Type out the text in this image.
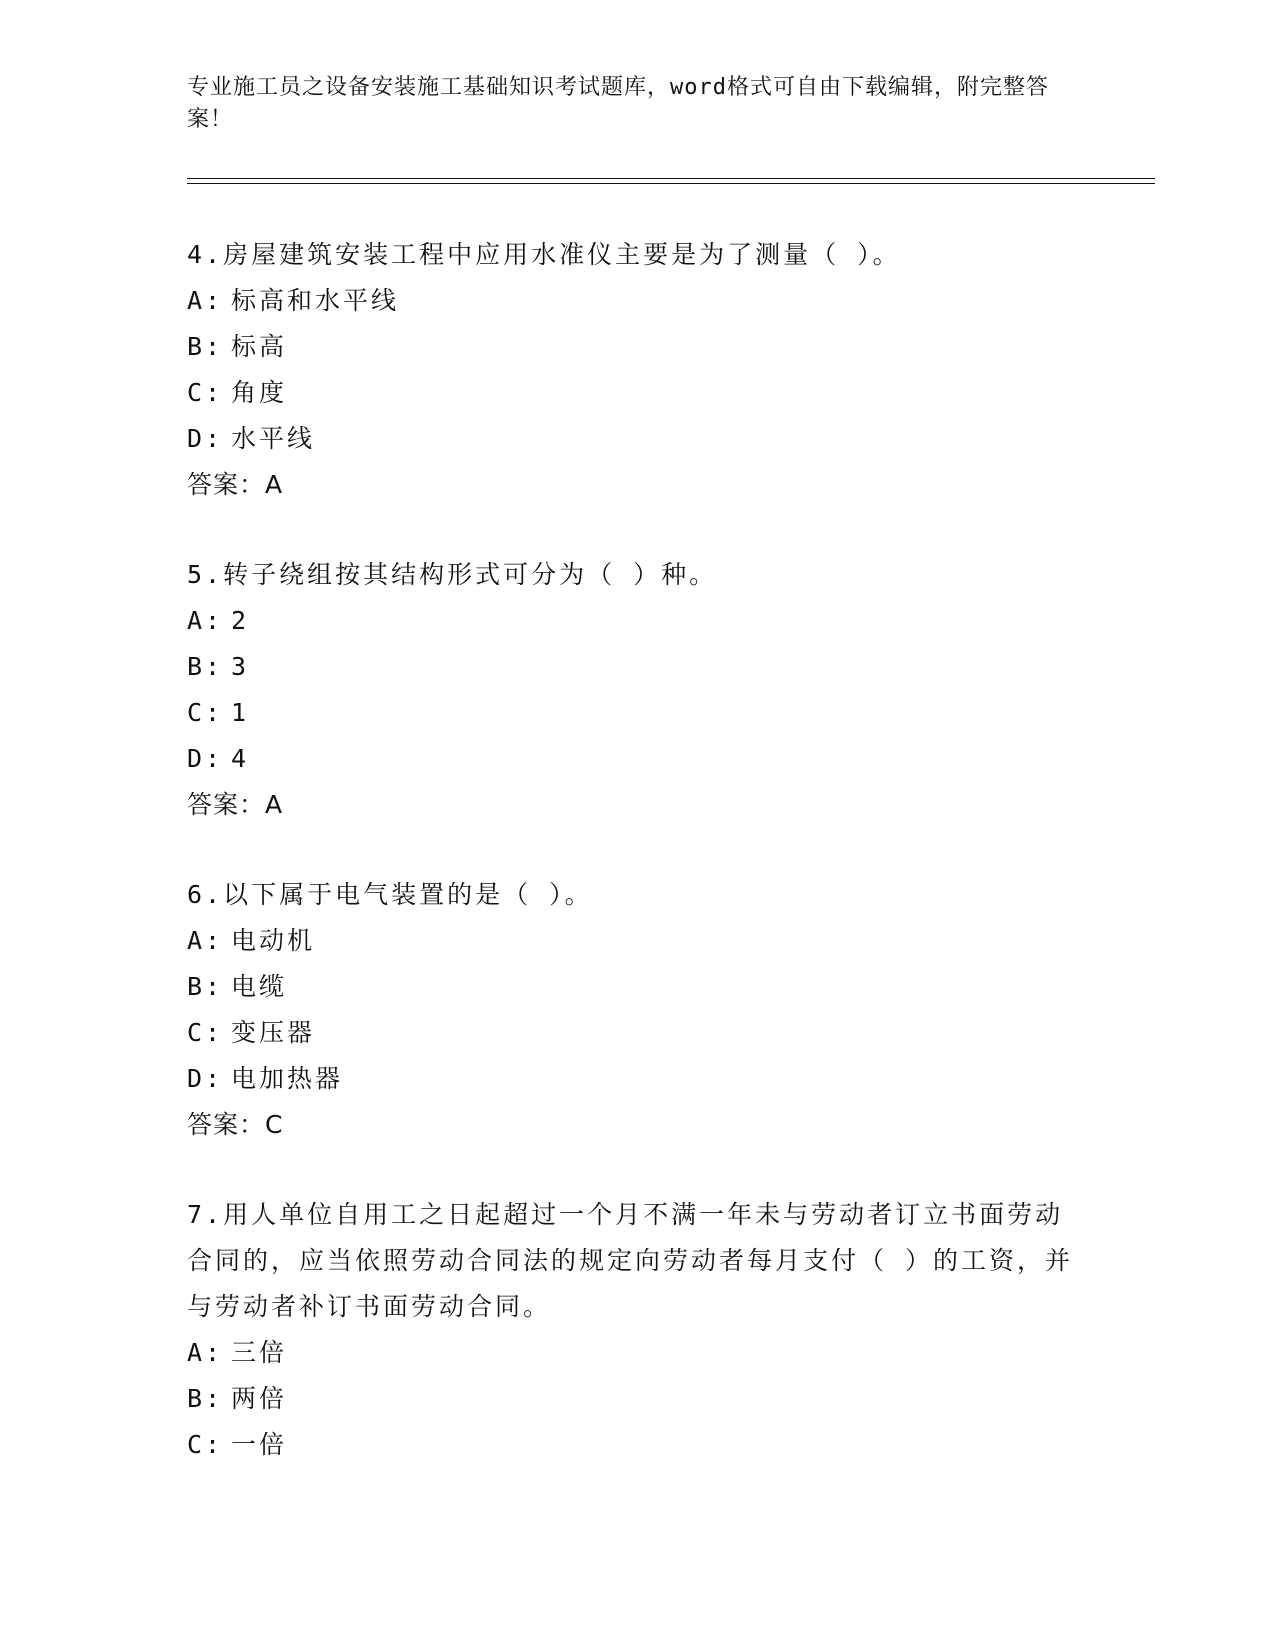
专业施工员之设备安装施工基础知识考试题库，word格式可自由下载编辑，附完整答案！

4.房屋建筑安装工程中应用水准仪主要是为了测量（ ）。

A: 标高和水平线

B: 标高

C: 角度

D: 水平线

答案：A

5.转子绕组按其结构形式可分为（ ）种。

A: 2

B: 3

C: 1

D: 4

答案：A

6.以下属于电气装置的是（ ）。

A: 电动机

B: 电缆

C: 变压器

D: 电加热器

答案：C

7.用人单位自用工之日起超过一个月不满一年未与劳动者订立书面劳动合同的，应当依照劳动合同法的规定向劳动者每月支付（ ）的工资，并与劳动者补订书面劳动合同。

A: 三倍

B: 两倍

C: 一倍
